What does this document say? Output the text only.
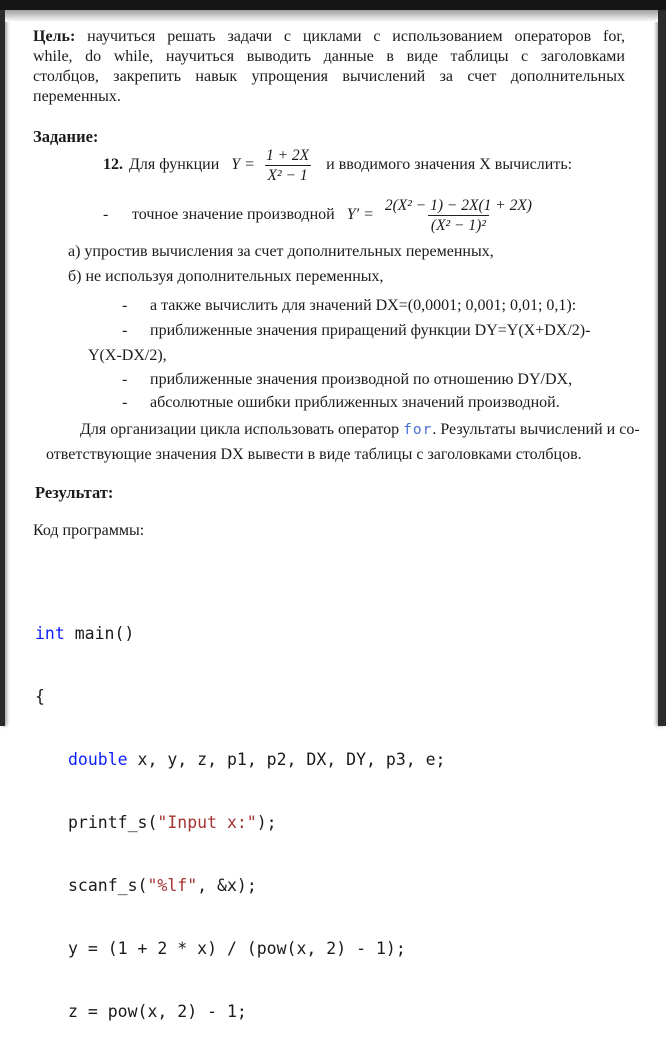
Цель: научиться решать задачи с циклами с использованием операторов for,
while, do while, научиться выводить данные в виде таблицы с заголовками
столбцов, закрепить навык упрощения вычислений за счет дополнительных
переменных.
Задание:
12. Для функции $Y = \frac{1 + 2X}{\text{X² − 1}}$ и вводимого значения X вычислить:
-	точное значение производной $Y' = \frac{\text{2(X² − 1) − 2X(1 + 2X)}}{\text{(X² − 1)²}}$
а) упростив вычисления за счет дополнительных переменных,
б) не используя дополнительных переменных,
- а также вычислить для значений DX=(0,0001; 0,001; 0,01; 0,1):
- приближенные значения приращений функции DY=Y(X+DX/2)-
Y(X-DX/2),
- приближенные значения производной по отношению DY/DX,
- абсолютные ошибки приближенных значений производной.
Для организации цикла использовать оператор for. Результаты вычислений и со-
ответствующие значения DX вывести в виде таблицы с заголовками столбцов.
Результат:
Код программы:

int main()

{

double x, y, z, p1, p2, DX, DY, p3, e;

printf_s("Input x:");

scanf_s("%lf", &x);

y = (1 + 2 * x) / (pow(x, 2) - 1);

z = pow(x, 2) - 1;
